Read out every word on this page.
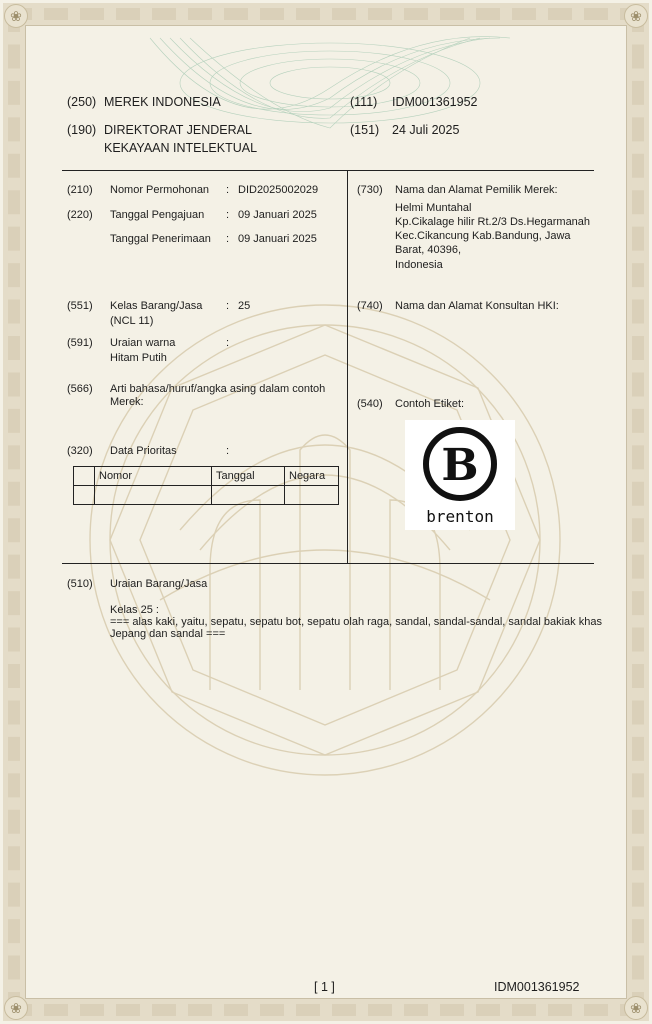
❀	❀
❀	❀
(250) MEREK INDONESIA	(111) IDM001361952
(190) DIREKTORAT JENDERAL
KEKAYAAN INTELEKTUAL
(151) 24 Juli 2025
(210) Nomor Permohonan : DID2025002029
(220) Tanggal Pengajuan : 09 Januari 2025
Tanggal Penerimaan : 09 Januari 2025
(551) Kelas Barang/Jasa : 25
(NCL 11)
(591) Uraian warna	:
Hitam Putih
(566) Arti bahasa/huruf/angka asing dalam contoh
Merek:
(320) Data Prioritas	:
	Nomor	Tanggal	Negara

(730) Nama dan Alamat Pemilik Merek:
Helmi Muntahal
Kp.Cikalage hilir Rt.2/3 Ds.Hegarmanah
Kec.Cikancung Kab.Bandung, Jawa
Barat, 40396,
Indonesia
(740) Nama dan Alamat Konsultan HKI:
(540) Contoh Etiket:
B
brenton
(510) Uraian Barang/Jasa
Kelas 25 :
=== alas kaki, yaitu, sepatu, sepatu bot, sepatu olah raga, sandal, sandal-sandal, sandal bakiak khas
Jepang dan sandal ===
[ 1 ]	IDM001361952
